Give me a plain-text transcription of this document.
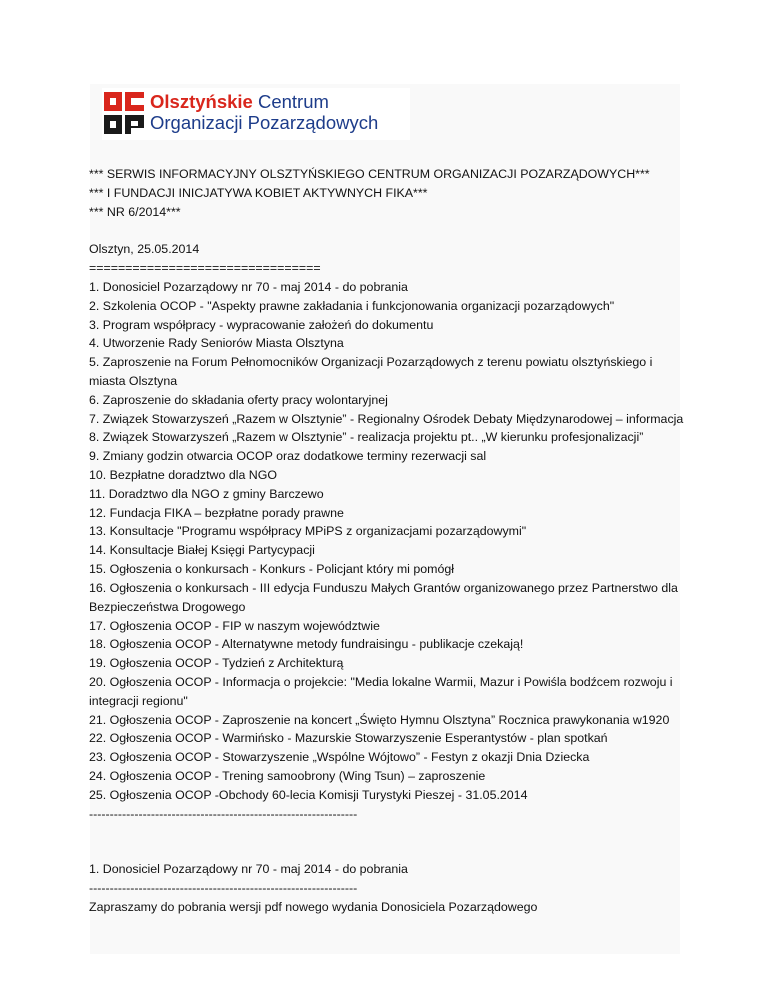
Olsztyńskie Centrum
Organizacji Pozarządowych
*** SERWIS INFORMACYJNY OLSZTYŃSKIEGO CENTRUM ORGANIZACJI POZARZĄDOWYCH***
*** I FUNDACJI INICJATYWA KOBIET AKTYWNYCH FIKA***
*** NR 6/2014***
Olsztyn, 25.05.2014
================================
1. Donosiciel Pozarządowy nr 70 - maj 2014 - do pobrania
2. Szkolenia OCOP - "Aspekty prawne zakładania i funkcjonowania organizacji pozarządowych"
3. Program współpracy - wypracowanie założeń do dokumentu
4. Utworzenie Rady Seniorów Miasta Olsztyna
5. Zaproszenie na Forum Pełnomocników Organizacji Pozarządowych z terenu powiatu olsztyńskiego i miasta Olsztyna
6. Zaproszenie do składania oferty pracy wolontaryjnej
7. Związek Stowarzyszeń „Razem w Olsztynie” - Regionalny Ośrodek Debaty Międzynarodowej – informacja
8. Związek Stowarzyszeń „Razem w Olsztynie” - realizacja projektu pt.. „W kierunku profesjonalizacji”
9. Zmiany godzin otwarcia OCOP oraz dodatkowe terminy rezerwacji sal
10. Bezpłatne doradztwo dla NGO
11. Doradztwo dla NGO z gminy Barczewo
12. Fundacja FIKA – bezpłatne porady prawne
13. Konsultacje "Programu współpracy MPiPS z organizacjami pozarządowymi"
14. Konsultacje Białej Księgi Partycypacji
15. Ogłoszenia o konkursach - Konkurs - Policjant który mi pomógł
16. Ogłoszenia o konkursach - III edycja Funduszu Małych Grantów organizowanego przez Partnerstwo dla Bezpieczeństwa Drogowego
17. Ogłoszenia OCOP - FIP w naszym województwie
18. Ogłoszenia OCOP - Alternatywne metody fundraisingu - publikacje czekają!
19. Ogłoszenia OCOP - Tydzień z Architekturą
20. Ogłoszenia OCOP - Informacja o projekcie: "Media lokalne Warmii, Mazur i Powiśla bodźcem rozwoju i integracji regionu"
21. Ogłoszenia OCOP - Zaproszenie na koncert „Święto Hymnu Olsztyna” Rocznica prawykonania w1920
22. Ogłoszenia OCOP - Warmińsko - Mazurskie Stowarzyszenie Esperantystów - plan spotkań
23. Ogłoszenia OCOP - Stowarzyszenie „Wspólne Wójtowo” - Festyn z okazji Dnia Dziecka
24. Ogłoszenia OCOP - Trening samoobrony (Wing Tsun) – zaproszenie
25. Ogłoszenia OCOP -Obchody 60-lecia Komisji Turystyki Pieszej - 31.05.2014
-----------------------------------------------------------------
1. Donosiciel Pozarządowy nr 70 - maj 2014 - do pobrania
-----------------------------------------------------------------
Zapraszamy do pobrania wersji pdf nowego wydania Donosiciela Pozarządowego
